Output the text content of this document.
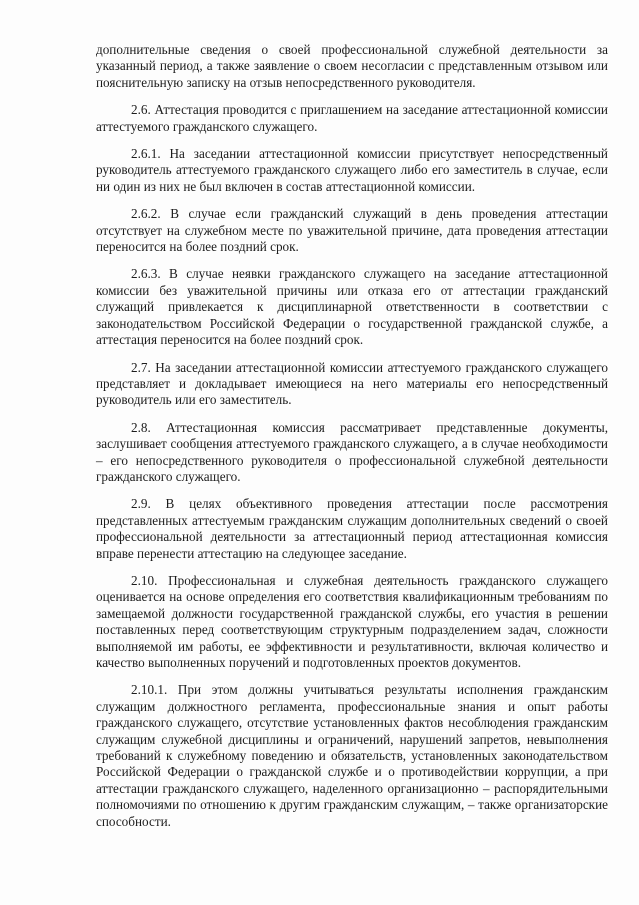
дополнительные сведения о своей профессиональной служебной деятельности за указанный период, а также заявление о своем несогласии с представленным отзывом или пояснительную записку на отзыв непосредственного руководителя.

2.6. Аттестация проводится с приглашением на заседание аттестационной комиссии аттестуемого гражданского служащего.

2.6.1. На заседании аттестационной комиссии присутствует непосредственный руководитель аттестуемого гражданского служащего либо его заместитель в случае, если ни один из них не был включен в состав аттестационной комиссии.

2.6.2. В случае если гражданский служащий в день проведения аттестации отсутствует на служебном месте по уважительной причине, дата проведения аттестации переносится на более поздний срок.

2.6.3. В случае неявки гражданского служащего на заседание аттестационной комиссии без уважительной причины или отказа его от аттестации гражданский служащий привлекается к дисциплинарной ответственности в соответствии с законодательством Российской Федерации о государственной гражданской службе, а аттестация переносится на более поздний срок.

2.7. На заседании аттестационной комиссии аттестуемого гражданского служащего представляет и докладывает имеющиеся на него материалы его непосредственный руководитель или его заместитель.

2.8. Аттестационная комиссия рассматривает представленные документы, заслушивает сообщения аттестуемого гражданского служащего, а в случае необходимости – его непосредственного руководителя о профессиональной служебной деятельности гражданского служащего.

2.9. В целях объективного проведения аттестации после рассмотрения представленных аттестуемым гражданским служащим дополнительных сведений о своей профессиональной деятельности за аттестационный период аттестационная комиссия вправе перенести аттестацию на следующее заседание.

2.10. Профессиональная и служебная деятельность гражданского служащего оценивается на основе определения его соответствия квалификационным требованиям по замещаемой должности государственной гражданской службы, его участия в решении поставленных перед соответствующим структурным подразделением задач, сложности выполняемой им работы, ее эффективности и результативности, включая количество и качество выполненных поручений и подготовленных проектов документов.

2.10.1. При этом должны учитываться результаты исполнения гражданским служащим должностного регламента, профессиональные знания и опыт работы гражданского служащего, отсутствие установленных фактов несоблюдения гражданским служащим служебной дисциплины и ограничений, нарушений запретов, невыполнения требований к служебному поведению и обязательств, установленных законодательством Российской Федерации о гражданской службе и о противодействии коррупции, а при аттестации гражданского служащего, наделенного организационно – распорядительными полномочиями по отношению к другим гражданским служащим, – также организаторские способности.
